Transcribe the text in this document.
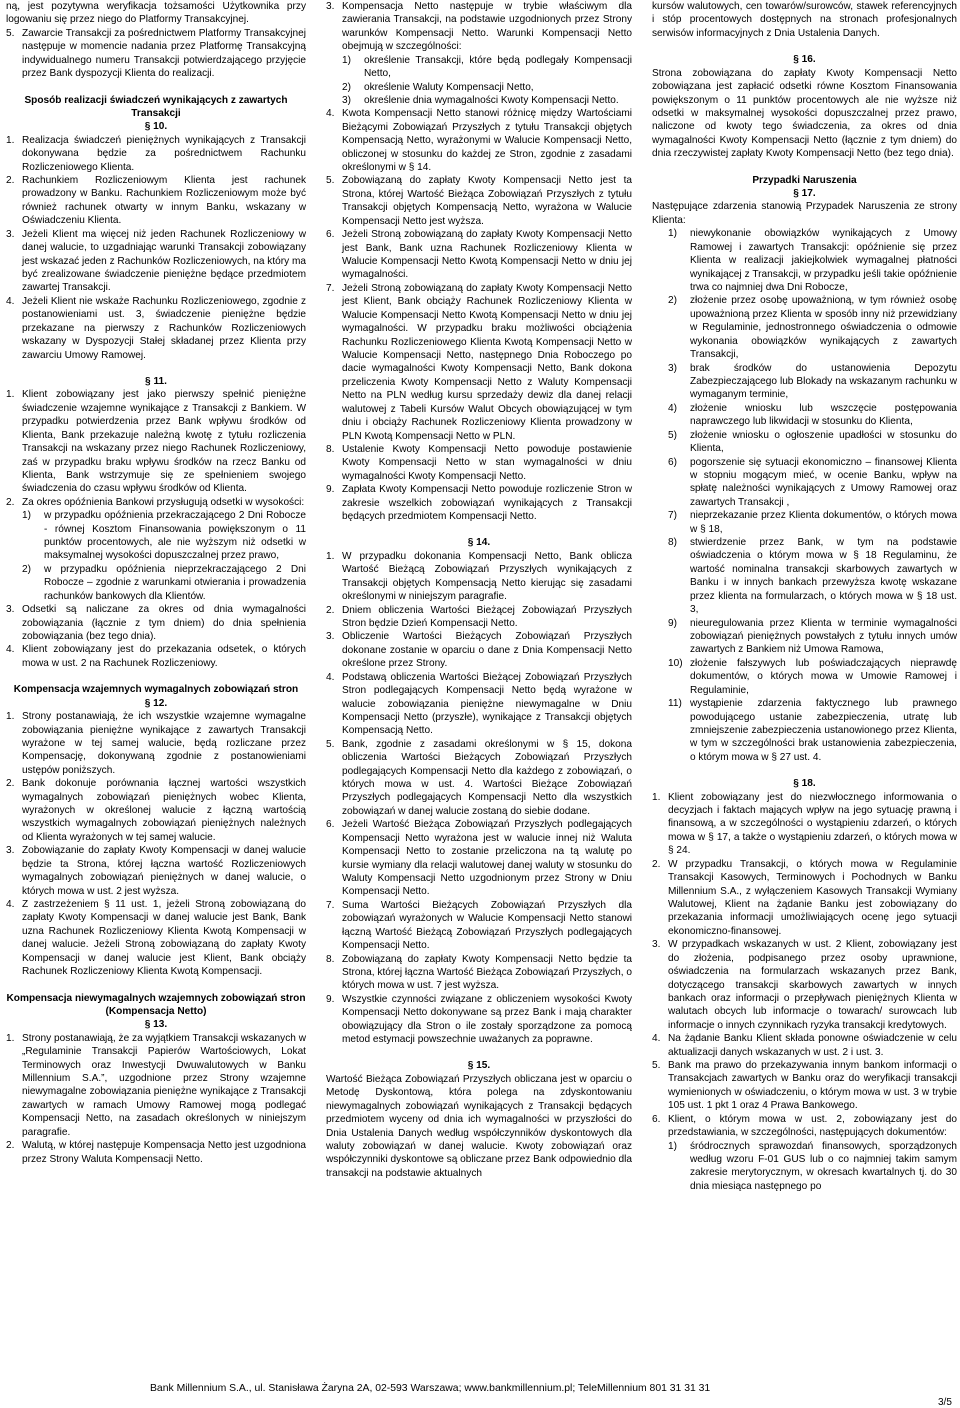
ną, jest pozytywna weryfikacja tożsamości Użytkownika przy logowaniu się przez niego do Platformy Transakcyjnej.

5. Zawarcie Transakcji za pośrednictwem Platformy Transakcyjnej następuje w momencie nadania przez Platformę Transakcyjną indywidualnego numeru Transakcji potwierdzającego przyjęcie przez Bank dyspozycji Klienta do realizacji.

Sposób realizacji świadczeń wynikających z zawartych Transakcji

§ 10.

1. Realizacja świadczeń pieniężnych wynikających z Transakcji dokonywana będzie za pośrednictwem Rachunku Rozliczeniowego Klienta.
2. Rachunkiem Rozliczeniowym Klienta jest rachunek prowadzony w Banku. Rachunkiem Rozliczeniowym może być również rachunek otwarty w innym Banku, wskazany w Oświadczeniu Klienta.
3. Jeżeli Klient ma więcej niż jeden Rachunek Rozliczeniowy w danej walucie, to uzgadniając warunki Transakcji zobowiązany jest wskazać jeden z Rachunków Rozliczeniowych, na który ma być zrealizowane świadczenie pieniężne będące przedmiotem zawartej Transakcji.
4. Jeżeli Klient nie wskaże Rachunku Rozliczeniowego, zgodnie z postanowieniami ust. 3, świadczenie pieniężne będzie przekazane na pierwszy z Rachunków Rozliczeniowych wskazany w Dyspozycji Stałej składanej przez Klienta przy zawarciu Umowy Ramowej.

§ 11.

1. Klient zobowiązany jest jako pierwszy spełnić pieniężne świadczenie wzajemne wynikające z Transakcji z Bankiem. W przypadku potwierdzenia przez Bank wpływu środków od Klienta, Bank przekazuje należną kwotę z tytułu rozliczenia Transakcji na wskazany przez niego Rachunek Rozliczeniowy, zaś w przypadku braku wpływu środków na rzecz Banku od Klienta, Bank wstrzymuje się ze spełnieniem swojego świadczenia do czasu wpływu środków od Klienta.
2. Za okres opóźnienia Bankowi przysługują odsetki w wysokości:
1)	w przypadku opóźnienia przekraczającego 2 Dni Robocze - równej Kosztom Finansowania powiększonym o 11 punktów procentowych, ale nie wyższym niż odsetki w maksymalnej wysokości dopuszczalnej przez prawo,
2)	w przypadku opóźnienia nieprzekraczającego 2 Dni Robocze – zgodnie z warunkami otwierania i prowadzenia rachunków bankowych dla Klientów.
3. Odsetki są naliczane za okres od dnia wymagalności zobowiązania (łącznie z tym dniem) do dnia spełnienia zobowiązania (bez tego dnia).
4. Klient zobowiązany jest do przekazania odsetek, o których mowa w ust. 2 na Rachunek Rozliczeniowy.

Kompensacja wzajemnych wymagalnych zobowiązań stron

§ 12.

1. Strony postanawiają, że ich wszystkie wzajemne wymagalne zobowiązania pieniężne wynikające z zawartych Transakcji wyrażone w tej samej walucie, będą rozliczane przez Kompensację, dokonywaną zgodnie z postanowieniami ustępów poniższych.
2. Bank dokonuje porównania łącznej wartości wszystkich wymagalnych zobowiązań pieniężnych wobec Klienta, wyrażonych w określonej walucie z łączną wartością wszystkich wymagalnych zobowiązań pieniężnych należnych od Klienta wyrażonych w tej samej walucie.
3. Zobowiązanie do zapłaty Kwoty Kompensacji w danej walucie będzie ta Strona, której łączna wartość Rozliczeniowych wymagalnych zobowiązań pieniężnych w danej walucie, o których mowa w ust. 2 jest wyższa.
4. Z zastrzeżeniem § 11 ust. 1, jeżeli Stroną zobowiązaną do zapłaty Kwoty Kompensacji w danej walucie jest Bank, Bank uzna Rachunek Rozliczeniowy Klienta Kwotą Kompensacji w danej walucie. Jeżeli Stroną zobowiązaną do zapłaty Kwoty Kompensacji w danej walucie jest Klient, Bank obciąży Rachunek Rozliczeniowy Klienta Kwotą Kompensacji.

Kompensacja niewymagalnych wzajemnych zobowiązań stron (Kompensacja Netto)

§ 13.

1. Strony postanawiają, że za wyjątkiem Transakcji wskazanych w „Regulaminie Transakcji Papierów Wartościowych, Lokat Terminowych oraz Inwestycji Dwuwalutowych w Banku Millennium S.A.”, uzgodnione przez Strony wzajemne niewymagalne zobowiązania pieniężne wynikające z Transakcji zawartych w ramach Umowy Ramowej mogą podlegać Kompensacji Netto, na zasadach określonych w niniejszym paragrafie.
2. Walutą, w której następuje Kompensacja Netto jest uzgodniona przez Strony Waluta Kompensacji Netto.
3. Kompensacja Netto następuje w trybie właściwym dla zawierania Transakcji, na podstawie uzgodnionych przez Strony warunków Kompensacji Netto. Warunki Kompensacji Netto obejmują w szczególności:
1)	określenie Transakcji, które będą podlegały Kompensacji Netto,
2)	określenie Waluty Kompensacji Netto,
3)	określenie dnia wymagalności Kwoty Kompensacji Netto.
4. Kwota Kompensacji Netto stanowi różnicę między Wartościami Bieżącymi Zobowiązań Przyszłych z tytułu Transakcji objętych Kompensacją Netto, wyrażonymi w Walucie Kompensacji Netto, obliczonej w stosunku do każdej ze Stron, zgodnie z zasadami określonymi w § 14.
5. Zobowiązaną do zapłaty Kwoty Kompensacji Netto jest ta Strona, której Wartość Bieżąca Zobowiązań Przyszłych z tytułu Transakcji objętych Kompensacją Netto, wyrażona w Walucie Kompensacji Netto jest wyższa.
6. Jeżeli Stroną zobowiązaną do zapłaty Kwoty Kompensacji Netto jest Bank, Bank uzna Rachunek Rozliczeniowy Klienta w Walucie Kompensacji Netto Kwotą Kompensacji Netto w dniu jej wymagalności.
7. Jeżeli Stroną zobowiązaną do zapłaty Kwoty Kompensacji Netto jest Klient, Bank obciąży Rachunek Rozliczeniowy Klienta w Walucie Kompensacji Netto Kwotą Kompensacji Netto w dniu jej wymagalności. W przypadku braku możliwości obciążenia Rachunku Rozliczeniowego Klienta Kwotą Kompensacji Netto w Walucie Kompensacji Netto, następnego Dnia Roboczego po dacie wymagalności Kwoty Kompensacji Netto, Bank dokona przeliczenia Kwoty Kompensacji Netto z Waluty Kompensacji Netto na PLN według kursu sprzedaży dewiz dla danej relacji walutowej z Tabeli Kursów Walut Obcych obowiązującej w tym dniu i obciąży Rachunek Rozliczeniowy Klienta prowadzony w PLN Kwotą Kompensacji Netto w PLN.
8. Ustalenie Kwoty Kompensacji Netto powoduje postawienie Kwoty Kompensacji Netto w stan wymagalności w dniu wymagalności Kwoty Kompensacji Netto.
9. Zapłata Kwoty Kompensacji Netto powoduje rozliczenie Stron w zakresie wszelkich zobowiązań wynikających z Transakcji będących przedmiotem Kompensacji Netto.

§ 14.

1. W przypadku dokonania Kompensacji Netto, Bank oblicza Wartość Bieżącą Zobowiązań Przyszłych wynikających z Transakcji objętych Kompensacją Netto kierując się zasadami określonymi w niniejszym paragrafie.
2. Dniem obliczenia Wartości Bieżącej Zobowiązań Przyszłych Stron będzie Dzień Kompensacji Netto.
3. Obliczenie Wartości Bieżących Zobowiązań Przyszłych dokonane zostanie w oparciu o dane z Dnia Kompensacji Netto określone przez Strony.
4. Podstawą obliczenia Wartości Bieżącej Zobowiązań Przyszłych Stron podlegających Kompensacji Netto będą wyrażone w walucie zobowiązania pieniężne niewymagalne w Dniu Kompensacji Netto (przyszłe), wynikające z Transakcji objętych Kompensacją Netto.
5. Bank, zgodnie z zasadami określonymi w § 15, dokona obliczenia Wartości Bieżących Zobowiązań Przyszłych podlegających Kompensacji Netto dla każdego z zobowiązań, o których mowa w ust. 4. Wartości Bieżące Zobowiązań Przyszłych podlegających Kompensacji Netto dla wszystkich zobowiązań w danej walucie zostaną do siebie dodane.
6. Jeżeli Wartość Bieżąca Zobowiązań Przyszłych podlegających Kompensacji Netto wyrażona jest w walucie innej niż Waluta Kompensacji Netto to zostanie przeliczona na tą walutę po kursie wymiany dla relacji walutowej danej waluty w stosunku do Waluty Kompensacji Netto uzgodnionym przez Strony w Dniu Kompensacji Netto.
7. Suma Wartości Bieżących Zobowiązań Przyszłych dla zobowiązań wyrażonych w Walucie Kompensacji Netto stanowi łączną Wartość Bieżącą Zobowiązań Przyszłych podlegających Kompensacji Netto.
8. Zobowiązaną do zapłaty Kwoty Kompensacji Netto będzie ta Strona, której łączna Wartość Bieżąca Zobowiązań Przyszłych, o których mowa w ust. 7 jest wyższa.
9. Wszystkie czynności związane z obliczeniem wysokości Kwoty Kompensacji Netto dokonywane są przez Bank i mają charakter obowiązujący dla Stron o ile zostały sporządzone za pomocą metod estymacji powszechnie uważanych za poprawne.

§ 15.

Wartość Bieżąca Zobowiązań Przyszłych obliczana jest w oparciu o Metodę Dyskontową, która polega na zdyskontowaniu niewymagalnych zobowiązań wynikających z Transakcji będących przedmiotem wyceny od dnia ich wymagalności w przyszłości do Dnia Ustalenia Danych według współczynników dyskontowych dla waluty zobowiązań w danej walucie. Kwoty zobowiązań oraz współczynniki dyskontowe są obliczane przez Bank odpowiednio dla transakcji na podstawie aktualnych

kursów walutowych, cen towarów/surowców, stawek referencyjnych i stóp procentowych dostępnych na stronach profesjonalnych serwisów informacyjnych z Dnia Ustalenia Danych.

§ 16.

Strona zobowiązana do zapłaty Kwoty Kompensacji Netto zobowiązana jest zapłacić odsetki równe Kosztom Finansowania powiększonym o 11 punktów procentowych ale nie wyższe niż odsetki w maksymalnej wysokości dopuszczalnej przez prawo, naliczone od kwoty tego świadczenia, za okres od dnia wymagalności Kwoty Kompensacji Netto (łącznie z tym dniem) do dnia rzeczywistej zapłaty Kwoty Kompensacji Netto (bez tego dnia).

Przypadki Naruszenia

§ 17.

Następujące zdarzenia stanowią Przypadek Naruszenia ze strony Klienta:

1)	niewykonanie obowiązków wynikających z Umowy Ramowej i zawartych Transakcji: opóźnienie się przez Klienta w realizacji jakiejkolwiek wymagalnej płatności wynikającej z Transakcji, w przypadku jeśli takie opóźnienie trwa co najmniej dwa Dni Robocze,
2)	złożenie przez osobę upoważnioną, w tym również osobę upoważnioną przez Klienta w sposób inny niż przewidziany w Regulaminie, jednostronnego oświadczenia o odmowie wykonania obowiązków wynikających z zawartych Transakcji,
3)	brak środków do ustanowienia Depozytu Zabezpieczającego lub Blokady na wskazanym rachunku w wymaganym terminie,
4)	złożenie wniosku lub wszczęcie postępowania naprawczego lub likwidacji w stosunku do Klienta,
5)	złożenie wniosku o ogłoszenie upadłości w stosunku do Klienta,
6)	pogorszenie się sytuacji ekonomiczno – finansowej Klienta w stopniu mogącym mieć, w ocenie Banku, wpływ na spłatę należności wynikających z Umowy Ramowej oraz zawartych Transakcji ,
7)	nieprzekazanie przez Klienta dokumentów, o których mowa w § 18,
8)	stwierdzenie przez Bank, w tym na podstawie oświadczenia o którym mowa w § 18 Regulaminu, że wartość nominalna transakcji skarbowych zawartych w Banku i w innych bankach przewyższa kwotę wskazane przez klienta na formularzach, o których mowa w § 18 ust. 3,
9)	nieuregulowania przez Klienta w terminie wymagalności zobowiązań pieniężnych powstałych z tytułu innych umów zawartych z Bankiem niż Umowa Ramowa,
10) złożenie fałszywych lub poświadczających nieprawdę dokumentów, o których mowa w Umowie Ramowej i Regulaminie,
11) wystąpienie zdarzenia faktycznego lub prawnego powodującego ustanie zabezpieczenia, utratę lub zmniejszenie zabezpieczenia ustanowionego przez Klienta, w tym w szczególności brak ustanowienia zabezpieczenia, o którym mowa w § 27 ust. 4.

§ 18.

1. Klient zobowiązany jest do niezwłocznego informowania o decyzjach i faktach mających wpływ na jego sytuację prawną i finansową, a w szczególności o wystąpieniu zdarzeń, o których mowa w § 17, a także o wystąpieniu zdarzeń, o których mowa w § 24.
2. W przypadku Transakcji, o których mowa w Regulaminie Transakcji Kasowych, Terminowych i Pochodnych w Banku Millennium S.A., z wyłączeniem Kasowych Transakcji Wymiany Walutowej, Klient na żądanie Banku jest zobowiązany do przekazania informacji umożliwiających ocenę jego sytuacji ekonomiczno-finansowej.
3. W przypadkach wskazanych w ust. 2 Klient, zobowiązany jest do złożenia, podpisanego przez osoby uprawnione, oświadczenia na formularzach wskazanych przez Bank, dotyczącego transakcji skarbowych zawartych w innych bankach oraz informacji o przepływach pieniężnych Klienta w walutach obcych lub informacje o towarach/ surowcach lub informacje o innych czynnikach ryzyka transakcji kredytowych.
4. Na żądanie Banku Klient składa ponowne oświadczenie w celu aktualizacji danych wskazanych w ust. 2 i ust. 3.
5. Bank ma prawo do przekazywania innym bankom informacji o Transakcjach zawartych w Banku oraz do weryfikacji transakcji wymienionych w oświadczeniu, o którym mowa w ust. 3 w trybie 105 ust. 1 pkt 1 oraz 4 Prawa Bankowego.
6. Klient, o którym mowa w ust. 2, zobowiązany jest do przedstawiania, w szczególności, następujących dokumentów:
1)	śródrocznych sprawozdań finansowych, sporządzonych według wzoru F-01 GUS lub o co najmniej takim samym zakresie merytorycznym, w okresach kwartalnych tj. do 30 dnia miesiąca następnego po
Bank Millennium S.A., ul. Stanisława Żaryna 2A, 02-593 Warszawa; www.bankmillennium.pl; TeleMillennium 801 31 31 31
3/5
